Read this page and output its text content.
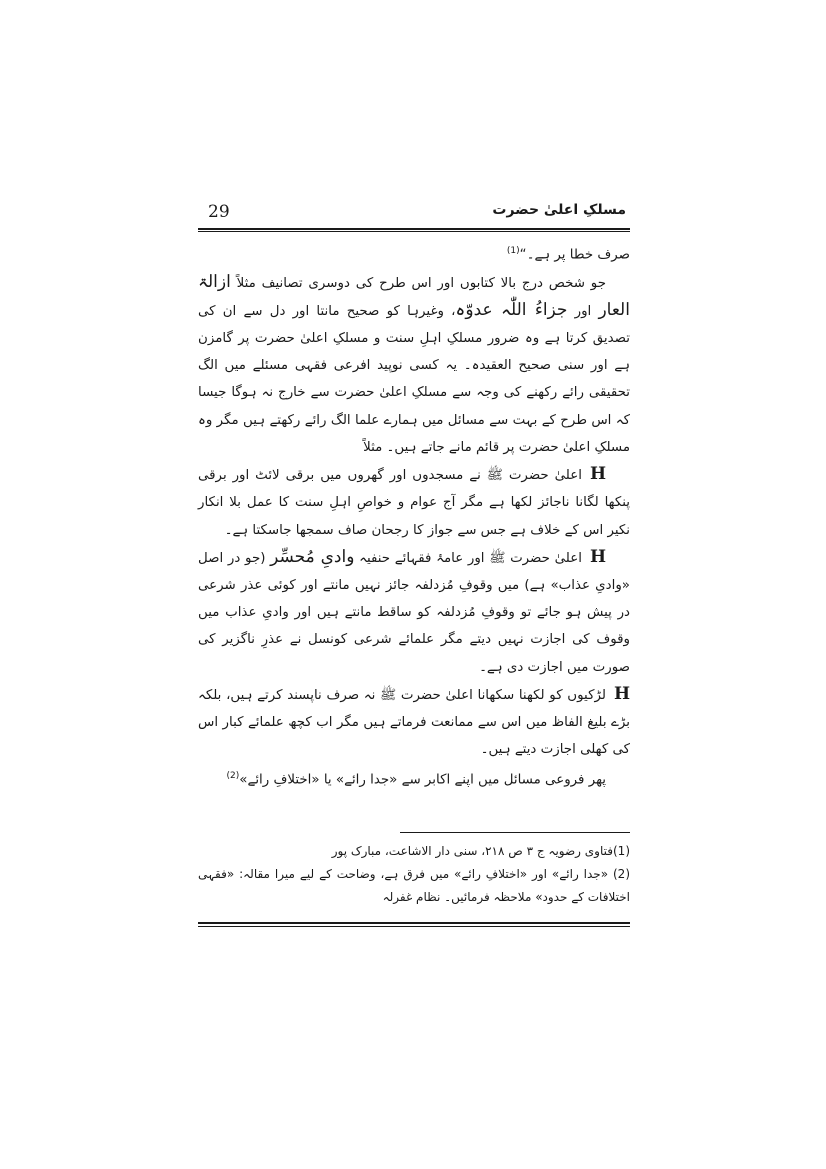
29	مسلکِ اعلیٰ حضرت

صرف خطا پر ہے۔“$^{(1)}$

جو شخص درج بالا کتابوں اور اس طرح کی دوسری تصانیف مثلاً ازالۃ العار اور جزاءُ اللّٰہ عدوّہ، وغیرہا کو صحیح مانتا اور دل سے ان کی تصدیق کرتا ہے وہ ضرور مسلکِ اہلِ سنت و مسلکِ اعلیٰ حضرت پر گامزن ہے اور سنی صحیح العقیدہ۔ یہ کسی نوپید افرعی فقہی مسئلے میں الگ تحقیقی رائے رکھنے کی وجہ سے مسلکِ اعلیٰ حضرت سے خارج نہ ہوگا جیسا کہ اس طرح کے بہت سے مسائل میں ہمارے علما الگ رائے رکھتے ہیں مگر وہ مسلکِ اعلیٰ حضرت پر قائم مانے جاتے ہیں۔ مثلاً

Hاعلیٰ حضرت ﷺ نے مسجدوں اور گھروں میں برقی لائٹ اور برقی پنکھا لگانا ناجائز لکھا ہے مگر آج عوام و خواصِ اہلِ سنت کا عمل بلا انکار نکیر اس کے خلاف ہے جس سے جواز کا رجحان صاف سمجھا جاسکتا ہے۔

Hاعلیٰ حضرت ﷺ اور عامۂ فقہائے حنفیہ وادیِ مُحسِّر (جو در اصل «وادیِ عذاب» ہے) میں وقوفِ مُزدلفہ جائز نہیں مانتے اور کوئی عذر شرعی در پیش ہو جائے تو وقوفِ مُزدلفہ کو ساقط مانتے ہیں اور وادیِ عذاب میں وقوف کی اجازت نہیں دیتے مگر علمائے شرعی کونسل نے عذرِ ناگزیر کی صورت میں اجازت دی ہے۔

Hلڑکیوں کو لکھنا سکھانا اعلیٰ حضرت ﷺ نہ صرف ناپسند کرتے ہیں، بلکہ بڑے بلیغ الفاظ میں اس سے ممانعت فرماتے ہیں مگر اب کچھ علمائے کبار اس کی کھلی اجازت دیتے ہیں۔

پھر فروعی مسائل میں اپنے اکابر سے «جدا رائے» یا «اختلافِ رائے»$^{(2)}$

(1)فتاوی رضویہ ج ۳ ص ۲۱۸، سنی دار الاشاعت، مبارک پور

(2) «جدا رائے» اور «اختلافِ رائے» میں فرق ہے، وضاحت کے لیے میرا مقالہ: «فقہی اختلافات کے حدود» ملاحظہ فرمائیں۔ نظام غفرلہ
